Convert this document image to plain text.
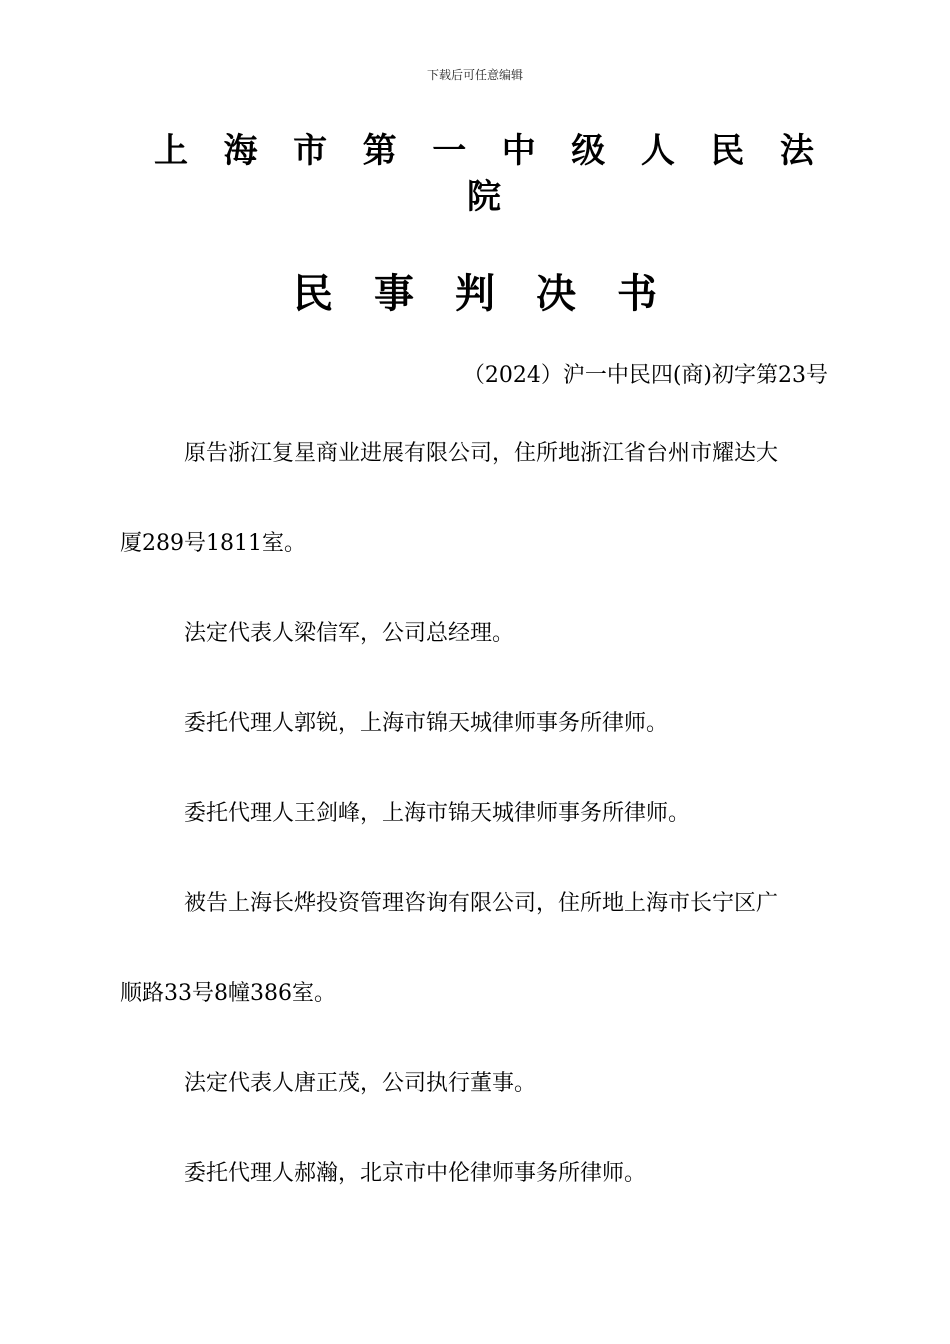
下载后可任意编辑
上 海 市 第 一 中 级 人 民 法
院
民事判决书
（2024）沪一中民四(商)初字第23号
原告浙江复星商业进展有限公司，住所地浙江省台州市耀达大
厦289号1811室。
法定代表人梁信军，公司总经理。
委托代理人郭锐，上海市锦天城律师事务所律师。
委托代理人王剑峰，上海市锦天城律师事务所律师。
被告上海长烨投资管理咨询有限公司，住所地上海市长宁区广
顺路33号8幢386室。
法定代表人唐正茂，公司执行董事。
委托代理人郝瀚，北京市中伦律师事务所律师。
